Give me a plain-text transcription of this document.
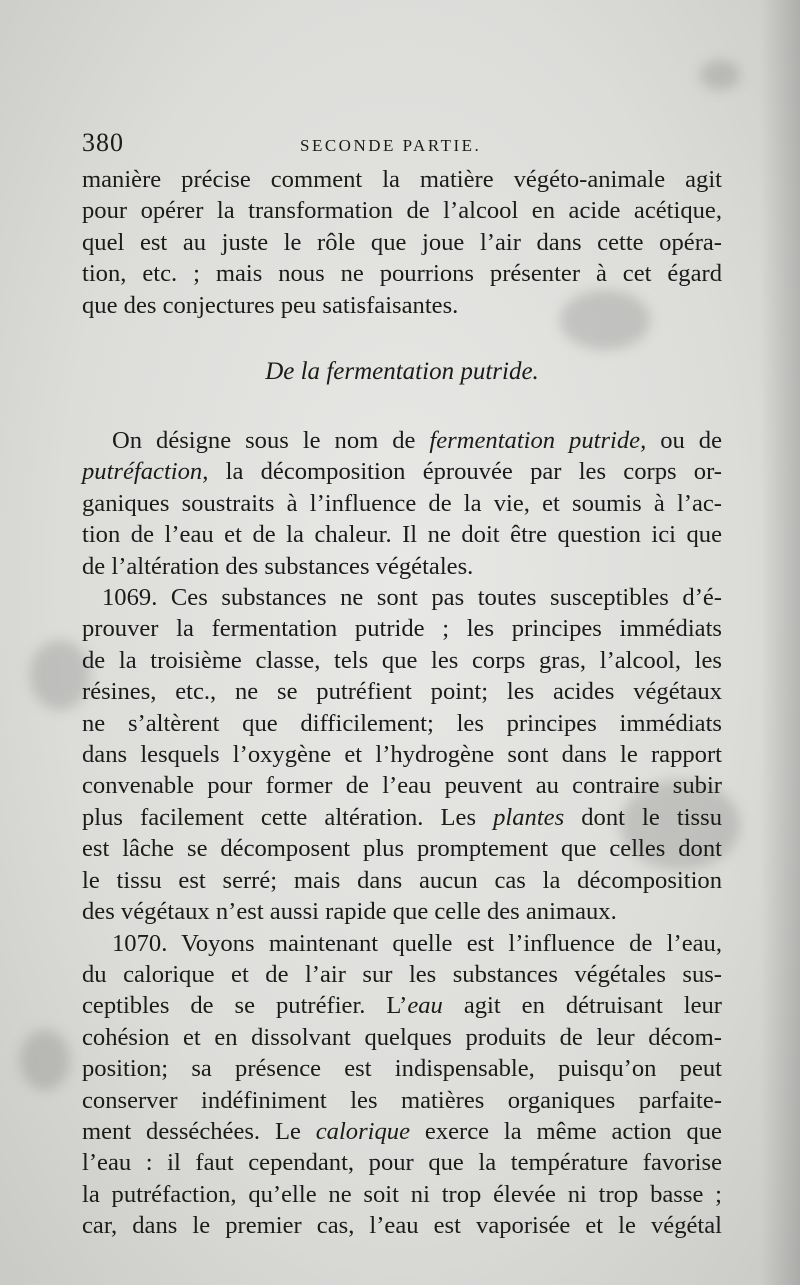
380	SECONDE PARTIE.
manière précise comment la matière végéto-animale agit
pour opérer la transformation de l’alcool en acide acétique,
quel est au juste le rôle que joue l’air dans cette opéra-
tion, etc. ; mais nous ne pourrions présenter à cet égard
que des conjectures peu satisfaisantes.
De la fermentation putride.
On désigne sous le nom de fermentation putride, ou de
putréfaction, la décomposition éprouvée par les corps or-
ganiques soustraits à l’influence de la vie, et soumis à l’ac-
tion de l’eau et de la chaleur. Il ne doit être question ici que
de l’altération des substances végétales.
1069. Ces substances ne sont pas toutes susceptibles d’é-
prouver la fermentation putride ; les principes immédiats
de la troisième classe, tels que les corps gras, l’alcool, les
résines, etc., ne se putréfient point; les acides végétaux
ne s’altèrent que difficilement; les principes immédiats
dans lesquels l’oxygène et l’hydrogène sont dans le rapport
convenable pour former de l’eau peuvent au contraire subir
plus facilement cette altération. Les plantes dont le tissu
est lâche se décomposent plus promptement que celles dont
le tissu est serré; mais dans aucun cas la décomposition
des végétaux n’est aussi rapide que celle des animaux.
1070. Voyons maintenant quelle est l’influence de l’eau,
du calorique et de l’air sur les substances végétales sus-
ceptibles de se putréfier. L’eau agit en détruisant leur
cohésion et en dissolvant quelques produits de leur décom-
position; sa présence est indispensable, puisqu’on peut
conserver indéfiniment les matières organiques parfaite-
ment desséchées. Le calorique exerce la même action que
l’eau : il faut cependant, pour que la température favorise
la putréfaction, qu’elle ne soit ni trop élevée ni trop basse ;
car, dans le premier cas, l’eau est vaporisée et le végétal
